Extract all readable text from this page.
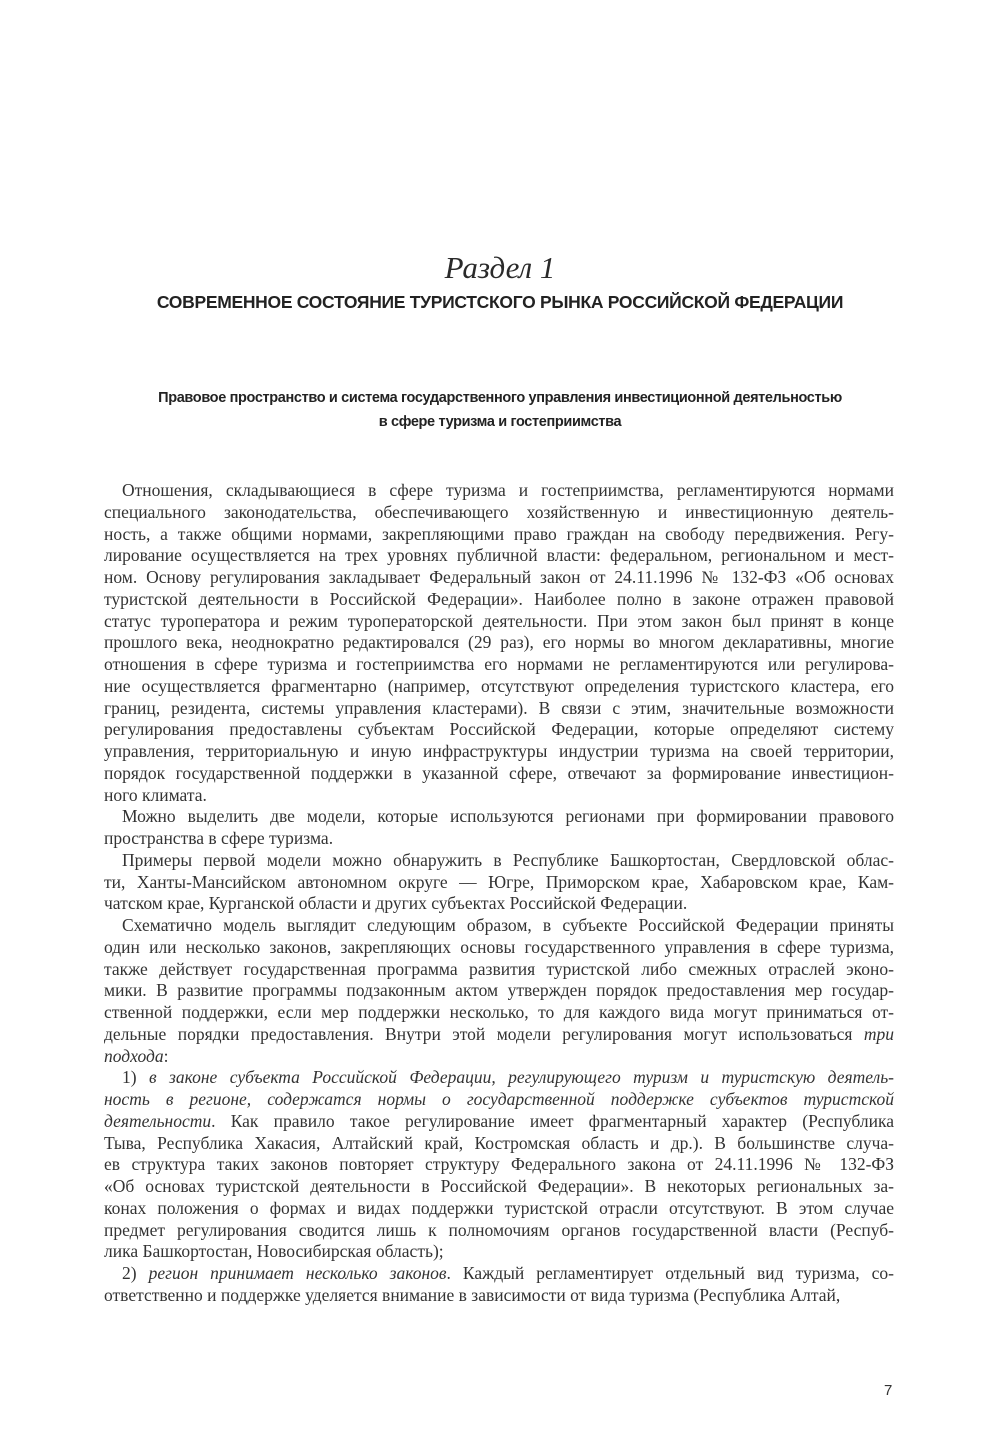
Раздел 1
СОВРЕМЕННОЕ СОСТОЯНИЕ ТУРИСТСКОГО РЫНКА РОССИЙСКОЙ ФЕДЕРАЦИИ
Правовое пространство и система государственного управления инвестиционной деятельностью
в сфере туризма и гостеприимства
Отношения, складывающиеся в сфере туризма и гостеприимства, регламентируются нормами
специального законодательства, обеспечивающего хозяйственную и инвестиционную деятель-
ность, а также общими нормами, закрепляющими право граждан на свободу передвижения. Регу-
лирование осуществляется на трех уровнях публичной власти: федеральном, региональном и мест-
ном. Основу регулирования закладывает Федеральный закон от 24.11.1996 № 132-ФЗ «Об основах
туристской деятельности в Российской Федерации». Наиболее полно в законе отражен правовой
статус туроператора и режим туроператорской деятельности. При этом закон был принят в конце
прошлого века, неоднократно редактировался (29 раз), его нормы во многом декларативны, многие
отношения в сфере туризма и гостеприимства его нормами не регламентируются или регулирова-
ние осуществляется фрагментарно (например, отсутствуют определения туристского кластера, его
границ, резидента, системы управления кластерами). В связи с этим, значительные возможности
регулирования предоставлены субъектам Российской Федерации, которые определяют систему
управления, территориальную и иную инфраструктуры индустрии туризма на своей территории,
порядок государственной поддержки в указанной сфере, отвечают за формирование инвестицион-
ного климата.
Можно выделить две модели, которые используются регионами при формировании правового
пространства в сфере туризма.
Примеры первой модели можно обнаружить в Республике Башкортостан, Свердловской облас-
ти, Ханты-Мансийском автономном округе — Югре, Приморском крае, Хабаровском крае, Кам-
чатском крае, Курганской области и других субъектах Российской Федерации.
Схематично модель выглядит следующим образом, в субъекте Российской Федерации приняты
один или несколько законов, закрепляющих основы государственного управления в сфере туризма,
также действует государственная программа развития туристской либо смежных отраслей эконо-
мики. В развитие программы подзаконным актом утвержден порядок предоставления мер государ-
ственной поддержки, если мер поддержки несколько, то для каждого вида могут приниматься от-
дельные порядки предоставления. Внутри этой модели регулирования могут использоваться три
подхода:
1) в законе субъекта Российской Федерации, регулирующего туризм и туристскую деятель-
ность в регионе, содержатся нормы о государственной поддержке субъектов туристской
деятельности. Как правило такое регулирование имеет фрагментарный характер (Республика
Тыва, Республика Хакасия, Алтайский край, Костромская область и др.). В большинстве случа-
ев структура таких законов повторяет структуру Федерального закона от 24.11.1996 № 132-ФЗ
«Об основах туристской деятельности в Российской Федерации». В некоторых региональных за-
конах положения о формах и видах поддержки туристской отрасли отсутствуют. В этом случае
предмет регулирования сводится лишь к полномочиям органов государственной власти (Респуб-
лика Башкортостан, Новосибирская область);
2) регион принимает несколько законов. Каждый регламентирует отдельный вид туризма, со-
ответственно и поддержке уделяется внимание в зависимости от вида туризма (Республика Алтай,
7
